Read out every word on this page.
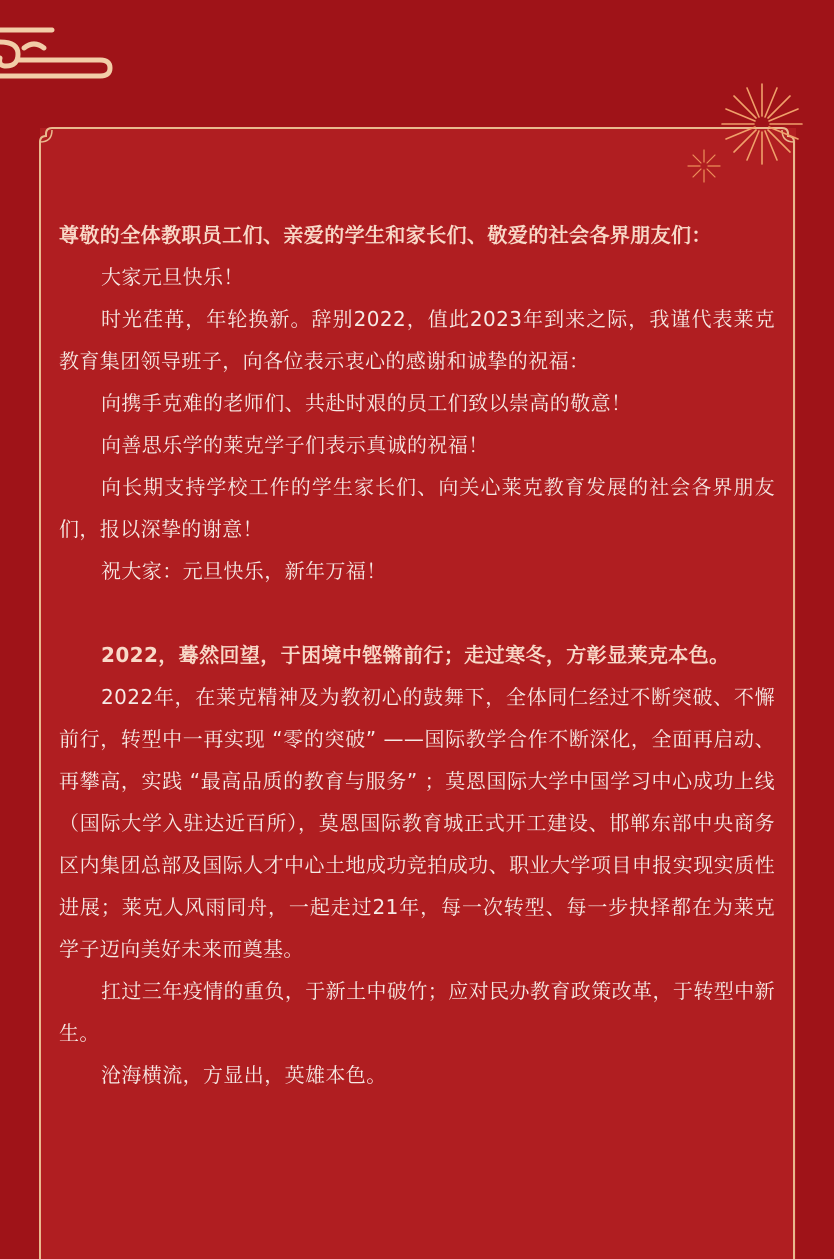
尊敬的全体教职员工们、亲爱的学生和家长们、敬爱的社会各界朋友们：

大家元旦快乐！

时光荏苒，年轮换新。辞别2022，值此2023年到来之际，我谨代表莱克教育集团领导班子，向各位表示衷心的感谢和诚挚的祝福：

向携手克难的老师们、共赴时艰的员工们致以崇高的敬意！

向善思乐学的莱克学子们表示真诚的祝福！

向长期支持学校工作的学生家长们、向关心莱克教育发展的社会各界朋友们，报以深挚的谢意！

祝大家：元旦快乐，新年万福！

2022，蓦然回望，于困境中铿锵前行；走过寒冬，方彰显莱克本色。

2022年，在莱克精神及为教初心的鼓舞下，全体同仁经过不断突破、不懈前行，转型中一再实现 “零的突破” ——国际教学合作不断深化，全面再启动、再攀高，实践 “最高品质的教育与服务” ；莫恩国际大学中国学习中心成功上线（国际大学入驻达近百所），莫恩国际教育城正式开工建设、邯郸东部中央商务区内集团总部及国际人才中心土地成功竞拍成功、职业大学项目申报实现实质性进展；莱克人风雨同舟，一起走过21年，每一次转型、每一步抉择都在为莱克学子迈向美好未来而奠基。

扛过三年疫情的重负，于新土中破竹；应对民办教育政策改革，于转型中新生。

沧海横流，方显出，英雄本色。
